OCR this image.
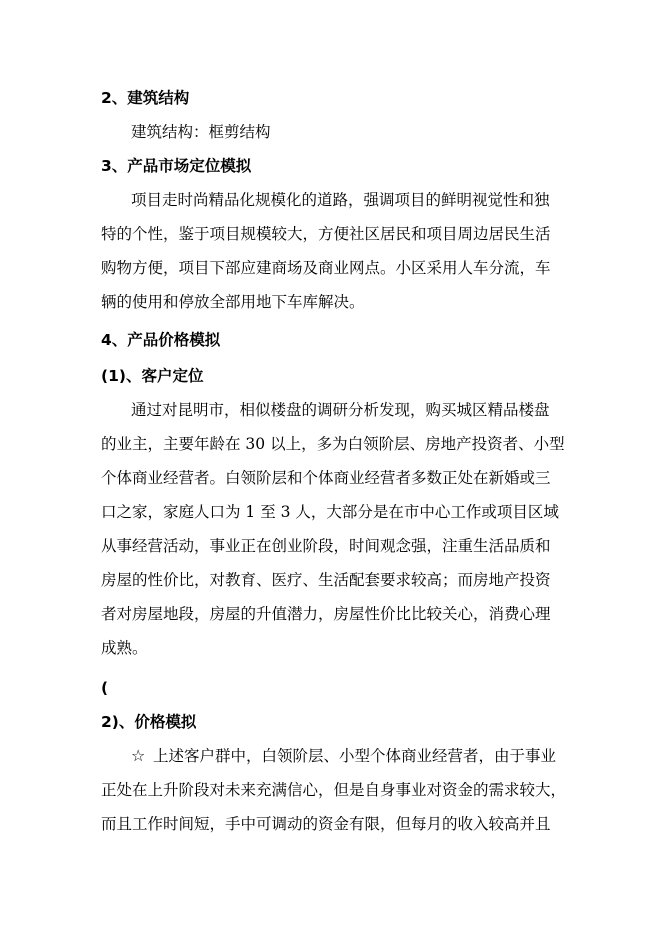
2、建筑结构
建筑结构：框剪结构
3、产品市场定位模拟
项目走时尚精品化规模化的道路，强调项目的鲜明视觉性和独
特的个性，鉴于项目规模较大，方便社区居民和项目周边居民生活
购物方便，项目下部应建商场及商业网点。小区采用人车分流，车
辆的使用和停放全部用地下车库解决。
4、产品价格模拟
(1)、客户定位
通过对昆明市，相似楼盘的调研分析发现，购买城区精品楼盘
的业主，主要年龄在 30 以上，多为白领阶层、房地产投资者、小型
个体商业经营者。白领阶层和个体商业经营者多数正处在新婚或三
口之家，家庭人口为 1 至 3 人，大部分是在市中心工作或项目区域
从事经营活动，事业正在创业阶段，时间观念强，注重生活品质和
房屋的性价比，对教育、医疗、生活配套要求较高；而房地产投资
者对房屋地段，房屋的升值潜力，房屋性价比比较关心，消费心理
成熟。
(
2)、价格模拟
☆ 上述客户群中，白领阶层、小型个体商业经营者，由于事业
正处在上升阶段对未来充满信心，但是自身事业对资金的需求较大，
而且工作时间短，手中可调动的资金有限，但每月的收入较高并且
